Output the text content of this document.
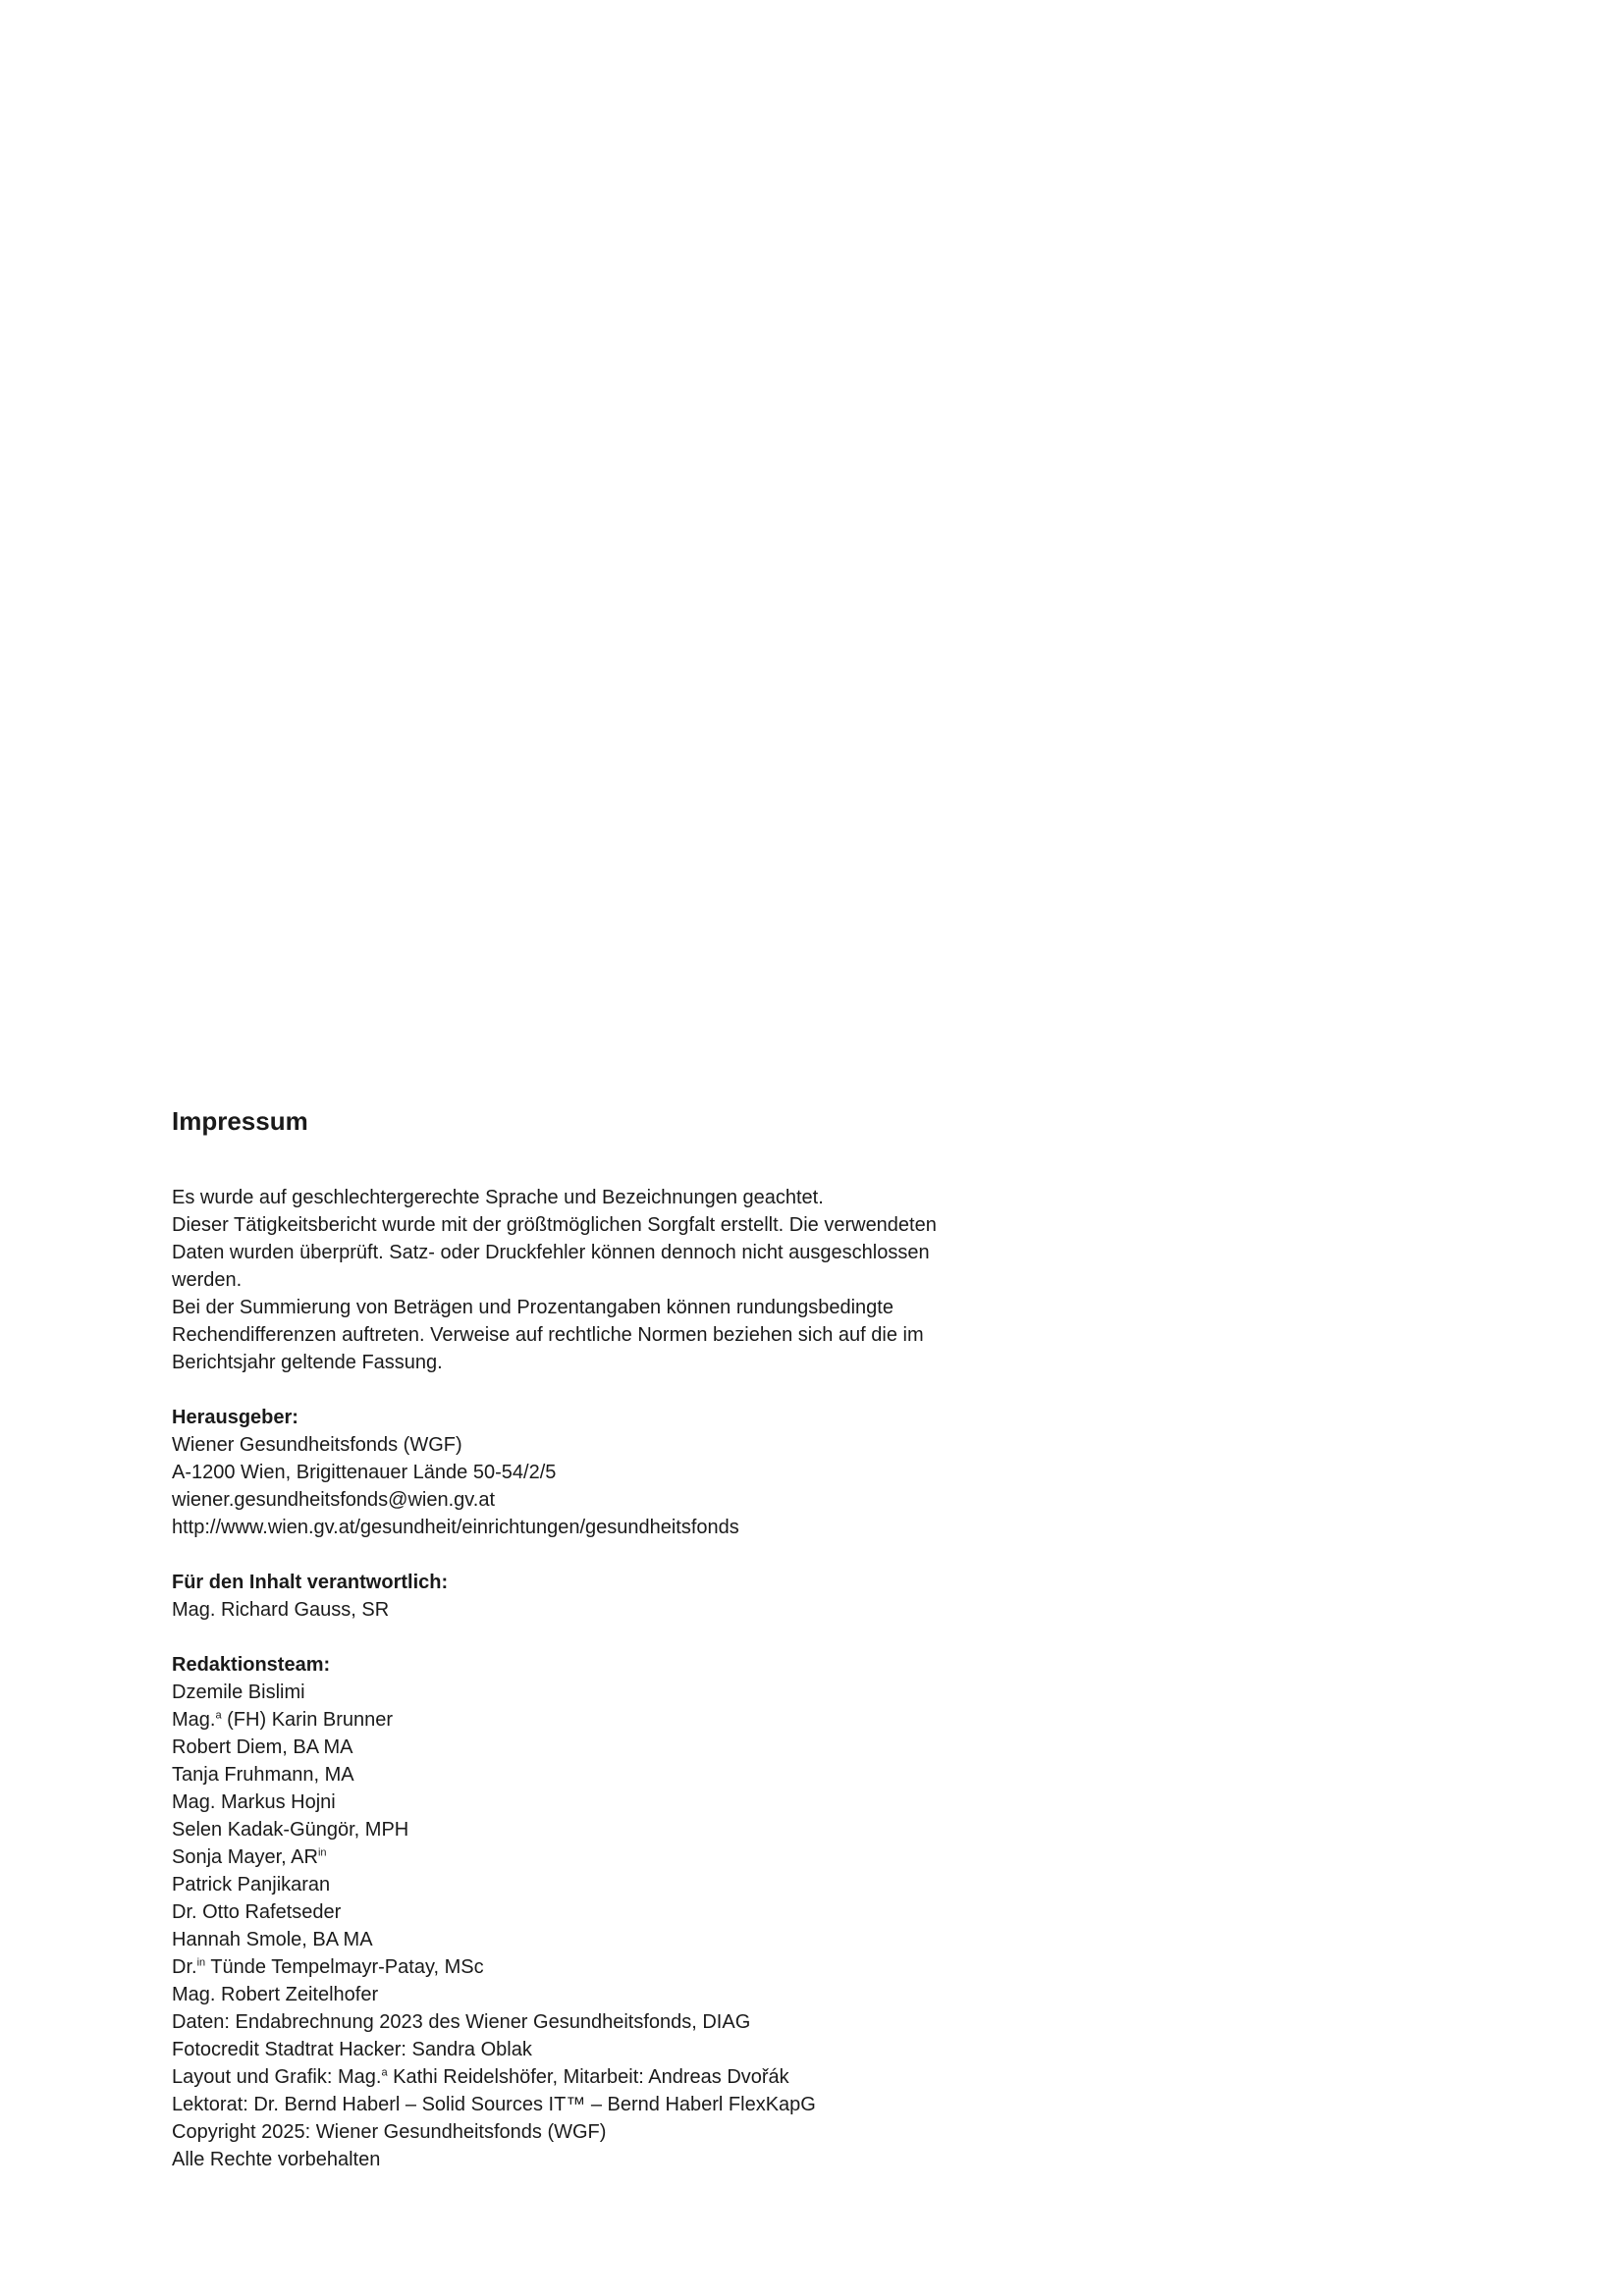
Impressum
Es wurde auf geschlechtergerechte Sprache und Bezeichnungen geachtet.
Dieser Tätigkeitsbericht wurde mit der größtmöglichen Sorgfalt erstellt. Die verwendeten
Daten wurden überprüft. Satz- oder Druckfehler können dennoch nicht ausgeschlossen
werden.
Bei der Summierung von Beträgen und Prozentangaben können rundungsbedingte
Rechendifferenzen auftreten. Verweise auf rechtliche Normen beziehen sich auf die im
Berichtsjahr geltende Fassung.
Herausgeber:
Wiener Gesundheitsfonds (WGF)
A-1200 Wien, Brigittenauer Lände 50-54/2/5
wiener.gesundheitsfonds@wien.gv.at
http://www.wien.gv.at/gesundheit/einrichtungen/gesundheitsfonds
Für den Inhalt verantwortlich:
Mag. Richard Gauss, SR
Redaktionsteam:
Dzemile Bislimi
Mag.$^a$ (FH) Karin Brunner
Robert Diem, BA MA
Tanja Fruhmann, MA
Mag. Markus Hojni
Selen Kadak-Güngör, MPH
Sonja Mayer, $AR^{in}$
Patrick Panjikaran
Dr. Otto Rafetseder
Hannah Smole, BA MA
Dr.$^{in}$ Tünde Tempelmayr-Patay, MSc
Mag. Robert Zeitelhofer
Daten: Endabrechnung 2023 des Wiener Gesundheitsfonds, DIAG
Fotocredit Stadtrat Hacker: Sandra Oblak
Layout und Grafik: Mag.$^a$ Kathi Reidelshöfer, Mitarbeit: Andreas Dvořák
Lektorat: Dr. Bernd Haberl – Solid Sources IT™ – Bernd Haberl FlexKapG
Copyright 2025: Wiener Gesundheitsfonds (WGF)
Alle Rechte vorbehalten
